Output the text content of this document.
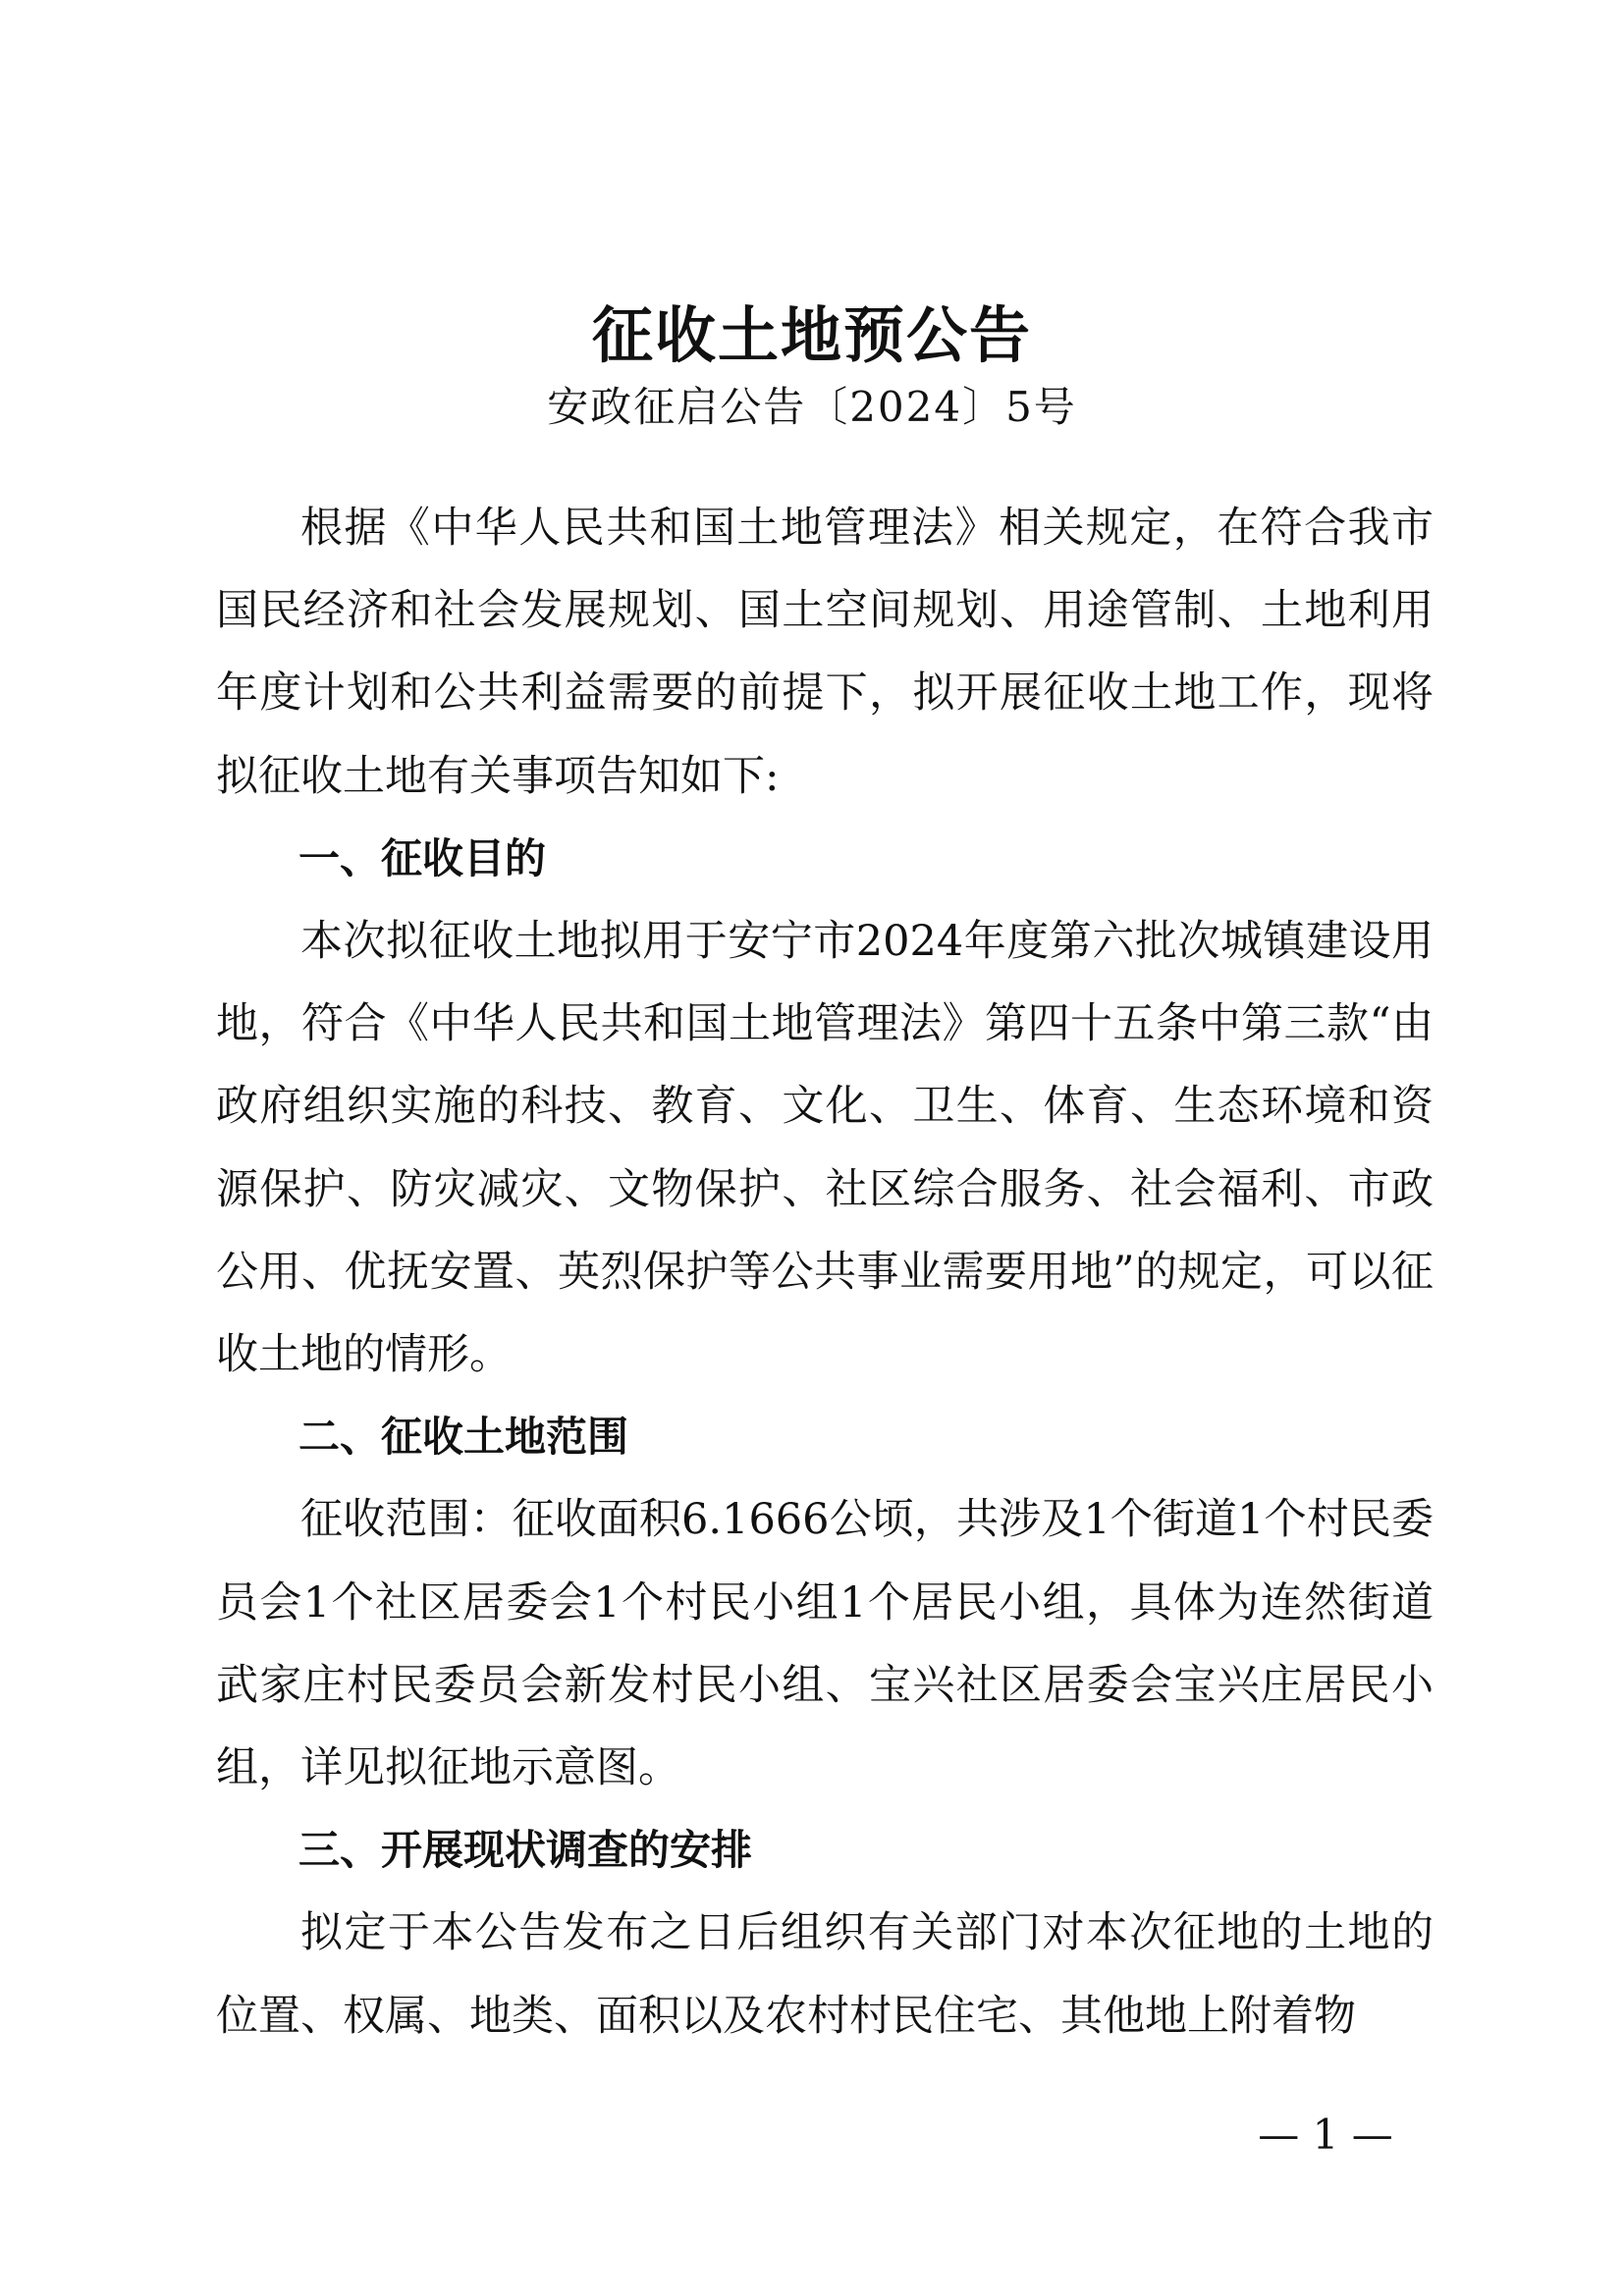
征收土地预公告
安政征启公告〔2024〕5号

根据《中华人民共和国土地管理法》相关规定，在符合我市国民经济和社会发展规划、国土空间规划、用途管制、土地利用年度计划和公共利益需要的前提下，拟开展征收土地工作，现将拟征收土地有关事项告知如下:

一、征收目的

本次拟征收土地拟用于安宁市2024年度第六批次城镇建设用地，符合《中华人民共和国土地管理法》第四十五条中第三款“由政府组织实施的科技、教育、文化、卫生、体育、生态环境和资源保护、防灾减灾、文物保护、社区综合服务、社会福利、市政公用、优抚安置、英烈保护等公共事业需要用地”的规定，可以征收土地的情形。

二、征收土地范围

征收范围：征收面积6.1666公顷，共涉及1个街道1个村民委员会1个社区居委会1个村民小组1个居民小组，具体为连然街道武家庄村民委员会新发村民小组、宝兴社区居委会宝兴庄居民小组，详见拟征地示意图。

三、开展现状调查的安排

拟定于本公告发布之日后组织有关部门对本次征地的土地的位置、权属、地类、面积以及农村村民住宅、其他地上附着物

— 1 —
